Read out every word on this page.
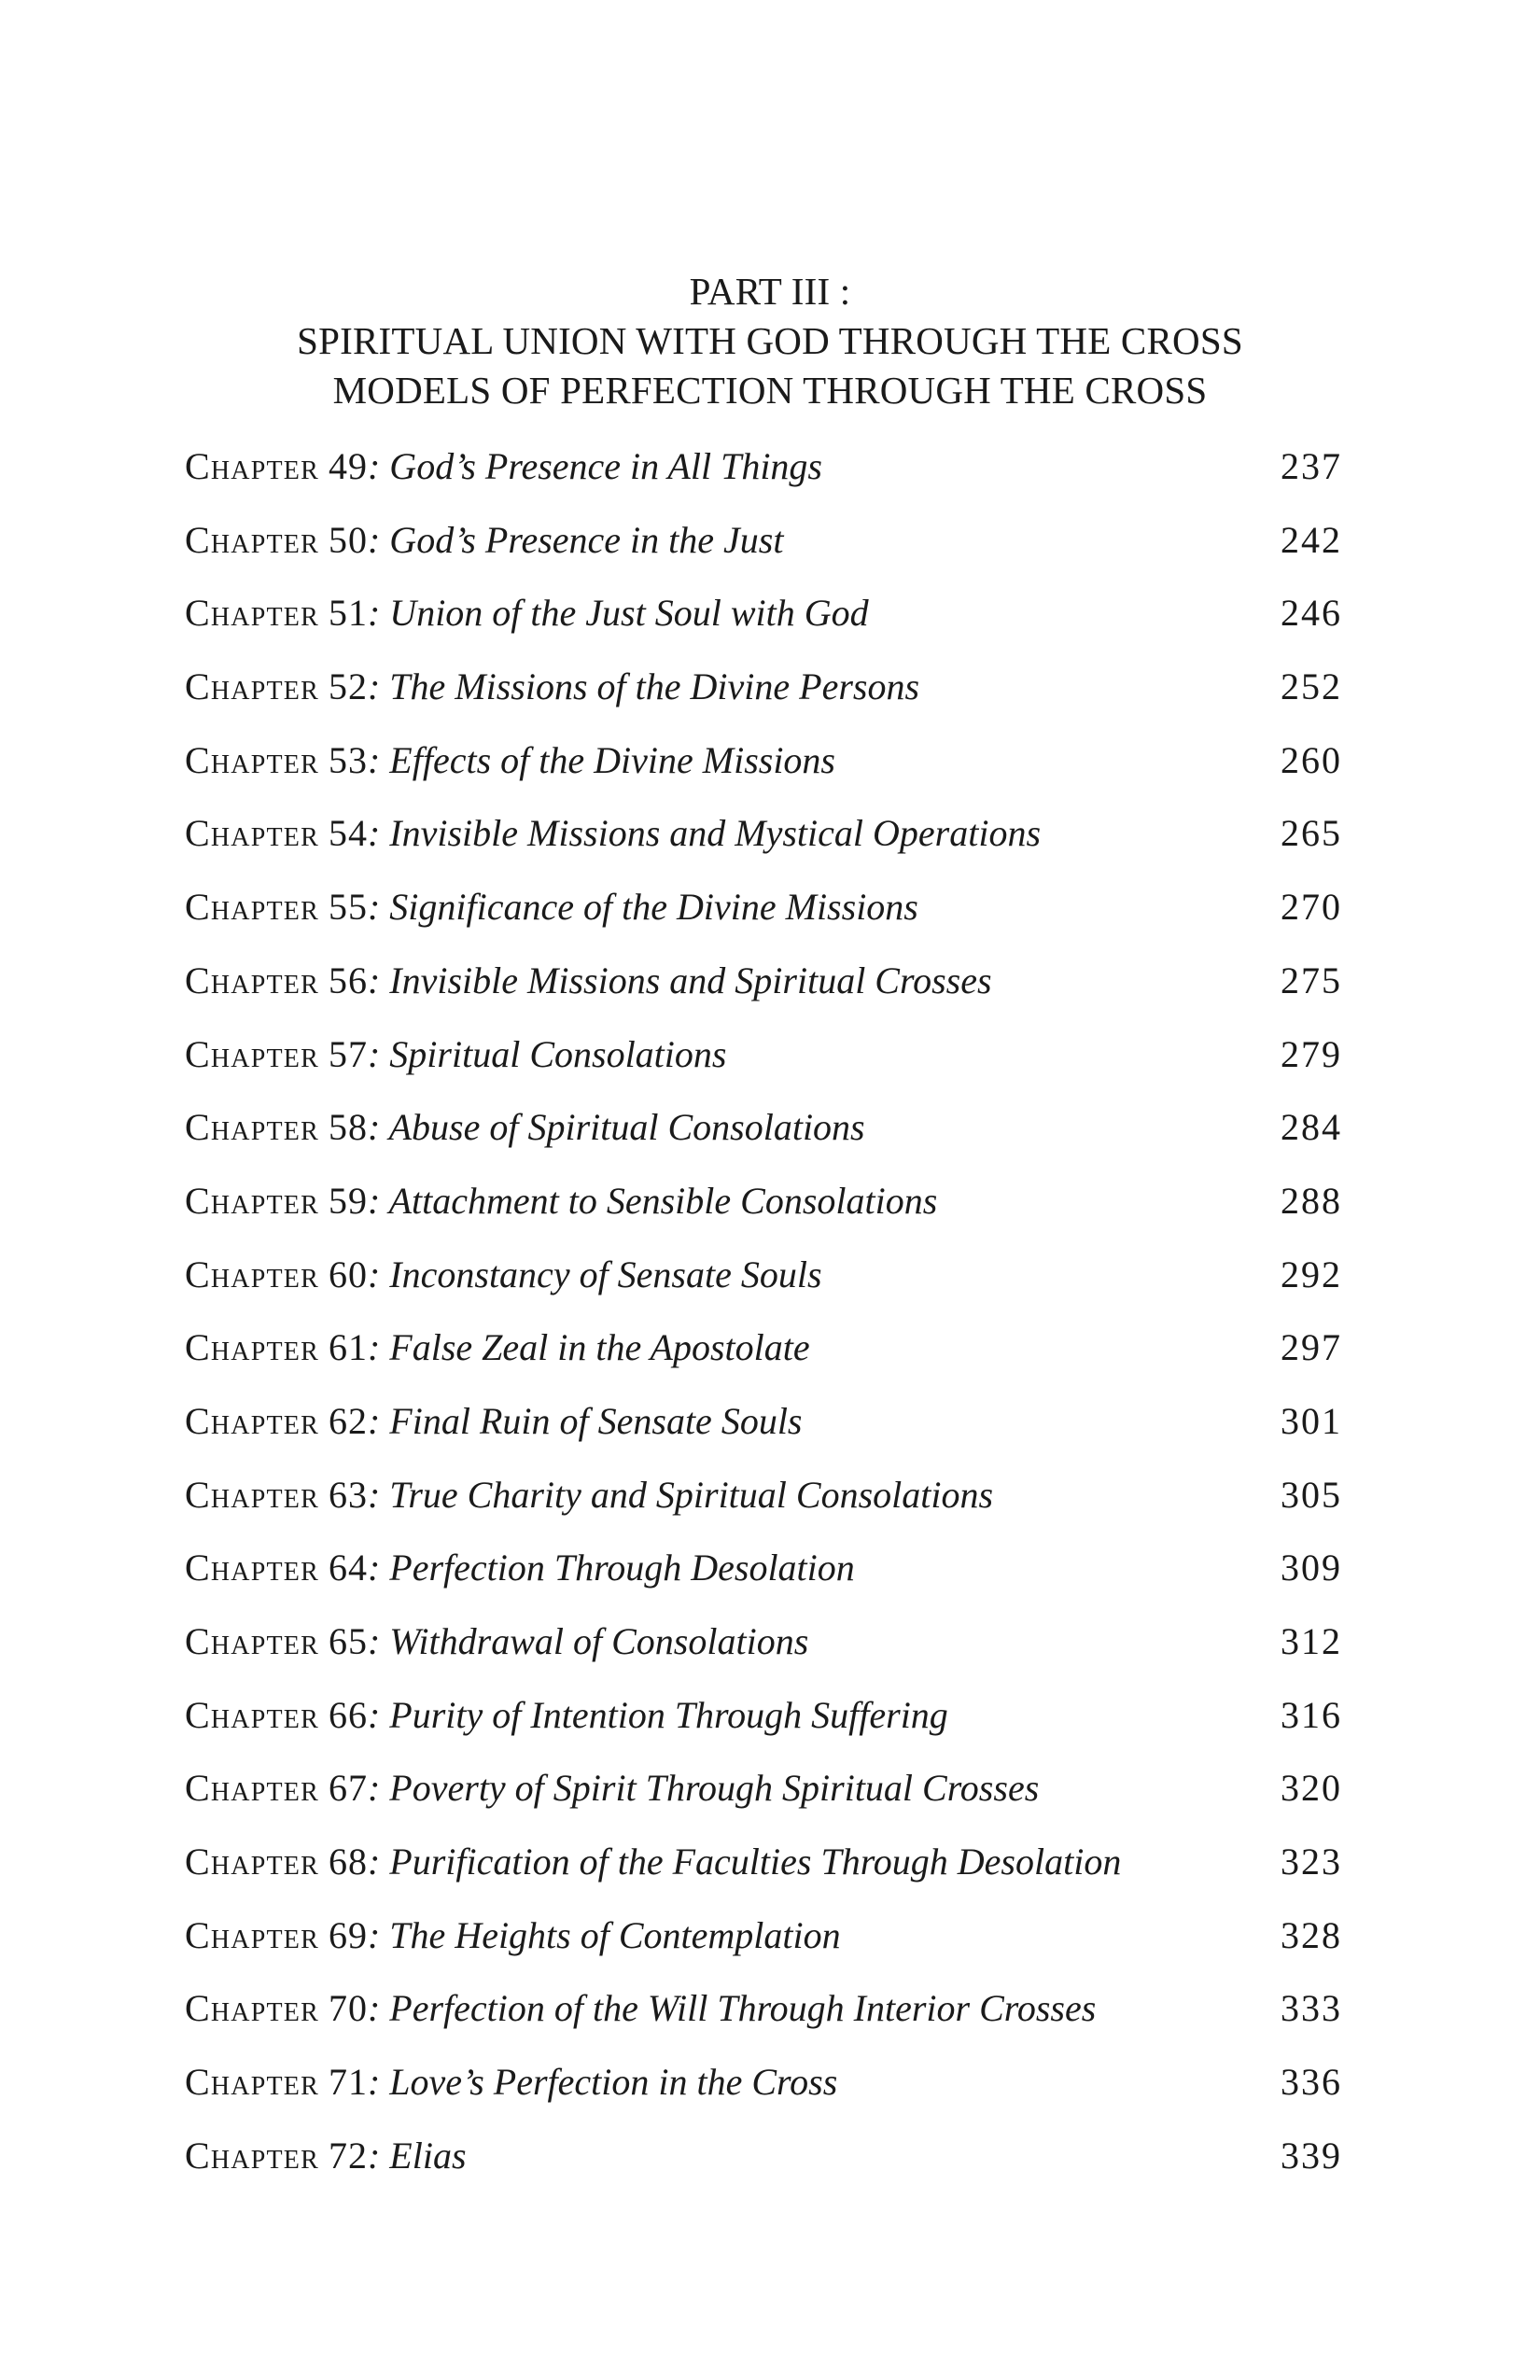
PART III :
SPIRITUAL UNION WITH GOD THROUGH THE CROSS
MODELS OF PERFECTION THROUGH THE CROSS
Chapter 49: God’s Presence in All Things	237
Chapter 50: God’s Presence in the Just	242
Chapter 51: Union of the Just Soul with God	246
Chapter 52: The Missions of the Divine Persons	252
Chapter 53: Effects of the Divine Missions	260
Chapter 54: Invisible Missions and Mystical Operations	265
Chapter 55: Significance of the Divine Missions	270
Chapter 56: Invisible Missions and Spiritual Crosses	275
Chapter 57: Spiritual Consolations	279
Chapter 58: Abuse of Spiritual Consolations	284
Chapter 59: Attachment to Sensible Consolations	288
Chapter 60: Inconstancy of Sensate Souls	292
Chapter 61: False Zeal in the Apostolate	297
Chapter 62: Final Ruin of Sensate Souls	301
Chapter 63: True Charity and Spiritual Consolations	305
Chapter 64: Perfection Through Desolation	309
Chapter 65: Withdrawal of Consolations	312
Chapter 66: Purity of Intention Through Suffering	316
Chapter 67: Poverty of Spirit Through Spiritual Crosses	320
Chapter 68: Purification of the Faculties Through Desolation	323
Chapter 69: The Heights of Contemplation	328
Chapter 70: Perfection of the Will Through Interior Crosses	333
Chapter 71: Love’s Perfection in the Cross	336
Chapter 72: Elias	339
